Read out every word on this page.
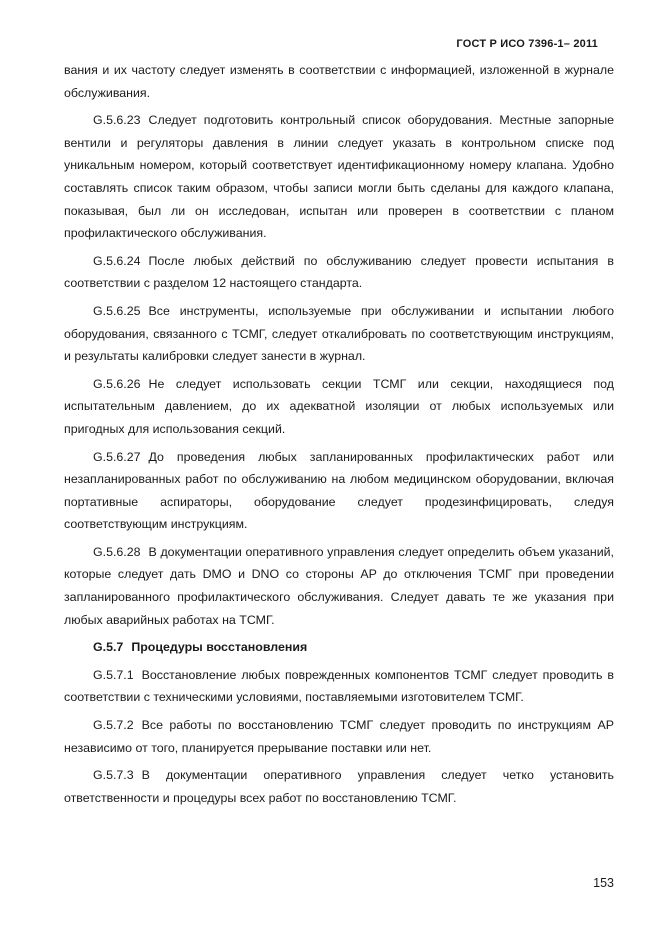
ГОСТ Р ИСО 7396-1– 2011

вания и их частоту следует изменять в соответствии с информацией, изложенной в журнале обслуживания.

G.5.6.23 Следует подготовить контрольный список оборудования. Местные запорные вентили и регуляторы давления в линии следует указать в контрольном списке под уникальным номером, который соответствует идентификационному номеру клапана. Удобно составлять список таким образом, чтобы записи могли быть сделаны для каждого клапана, показывая, был ли он исследован, испытан или проверен в соответствии с планом профилактического обслуживания.

G.5.6.24 После любых действий по обслуживанию следует провести испытания в соответствии с разделом 12 настоящего стандарта.

G.5.6.25 Все инструменты, используемые при обслуживании и испытании любого оборудования, связанного с ТСМГ, следует откалибровать по соответствующим инструкциям, и результаты калибровки следует занести в журнал.

G.5.6.26 Не следует использовать секции ТСМГ или секции, находящиеся под испытательным давлением, до их адекватной изоляции от любых используемых или пригодных для использования секций.

G.5.6.27 До проведения любых запланированных профилактических работ или незапланированных работ по обслуживанию на любом медицинском оборудовании, включая портативные аспираторы, оборудование следует продезинфицировать, следуя соответствующим инструкциям.

G.5.6.28 В документации оперативного управления следует определить объем указаний, которые следует дать DMO и DNO со стороны AP до отключения ТСМГ при проведении запланированного профилактического обслуживания. Следует давать те же указания при любых аварийных работах на ТСМГ.

G.5.7 Процедуры восстановления

G.5.7.1 Восстановление любых поврежденных компонентов ТСМГ следует проводить в соответствии с техническими условиями, поставляемыми изготовителем ТСМГ.

G.5.7.2 Все работы по восстановлению ТСМГ следует проводить по инструкциям AP независимо от того, планируется прерывание поставки или нет.

G.5.7.3 В документации оперативного управления следует четко установить ответственности и процедуры всех работ по восстановлению ТСМГ.

153
